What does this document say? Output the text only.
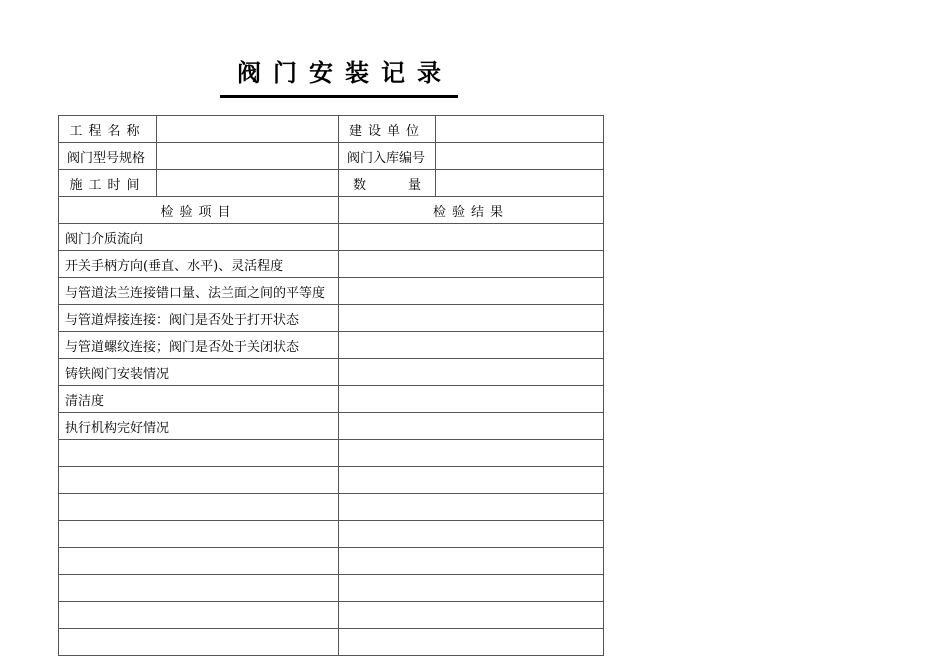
阀门安装记录
工程名称		建设单位	
阀门型号规格		阀门入库编号	
施工时间		数 量	
检验项目		检验结果	
阀门介质流向			
开关手柄方向(垂直、水平)、灵活程度			
与管道法兰连接错口量、法兰面之间的平等度			
与管道焊接连接：阀门是否处于打开状态			
与管道螺纹连接；阀门是否处于关闭状态			
铸铁阀门安装情况			
清洁度			
执行机构完好情况			
